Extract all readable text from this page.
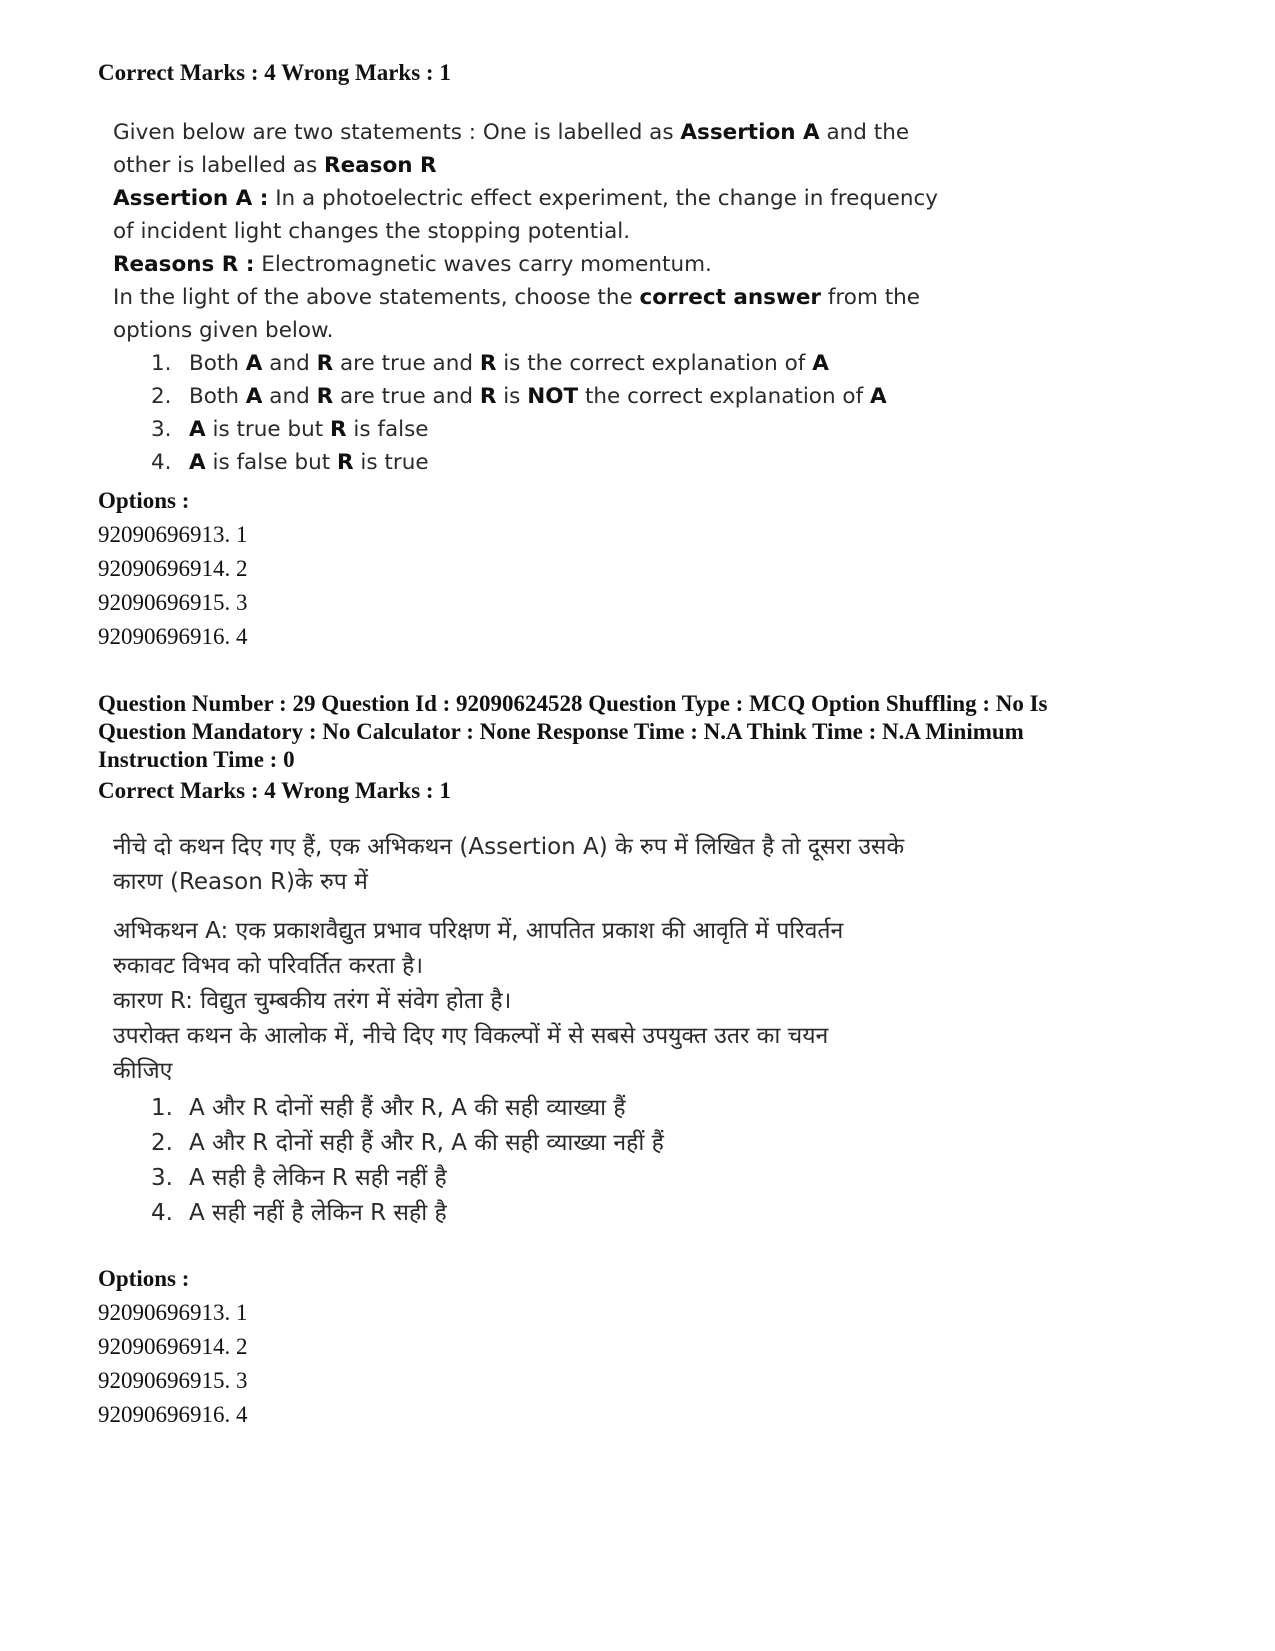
Correct Marks : 4 Wrong Marks : 1

Given below are two statements : One is labelled as Assertion A and the

other is labelled as Reason R

Assertion A : In a photoelectric effect experiment, the change in frequency

of incident light changes the stopping potential.

Reasons R : Electromagnetic waves carry momentum.

In the light of the above statements, choose the correct answer from the

options given below.

1. Both A and R are true and R is the correct explanation of A
2. Both A and R are true and R is NOT the correct explanation of A
3. A is true but R is false
4. A is false but R is true
Options :
92090696913. 1
92090696914. 2
92090696915. 3
92090696916. 4
Question Number : 29 Question Id : 92090624528 Question Type : MCQ Option Shuffling : No Is
Question Mandatory : No Calculator : None Response Time : N.A Think Time : N.A Minimum
Instruction Time : 0
Correct Marks : 4 Wrong Marks : 1

नीचे दो कथन दिए गए हैं, एक अभिकथन (Assertion A) के रुप में लिखित है तो दूसरा उसके

कारण (Reason R)के रुप में

अभिकथन A: एक प्रकाशवैद्युत प्रभाव परिक्षण में, आपतित प्रकाश की आवृति में परिवर्तन

रुकावट विभव को परिवर्तित करता है।

कारण R: विद्युत चुम्बकीय तरंग में संवेग होता है।

उपरोक्त कथन के आलोक में, नीचे दिए गए विकल्पों में से सबसे उपयुक्त उतर का चयन

कीजिए

1. A और R दोनों सही हैं और R, A की सही व्याख्या हैं
2. A और R दोनों सही हैं और R, A की सही व्याख्या नहीं हैं
3. A सही है लेकिन R सही नहीं है
4. A सही नहीं है लेकिन R सही है
Options :
92090696913. 1
92090696914. 2
92090696915. 3
92090696916. 4
